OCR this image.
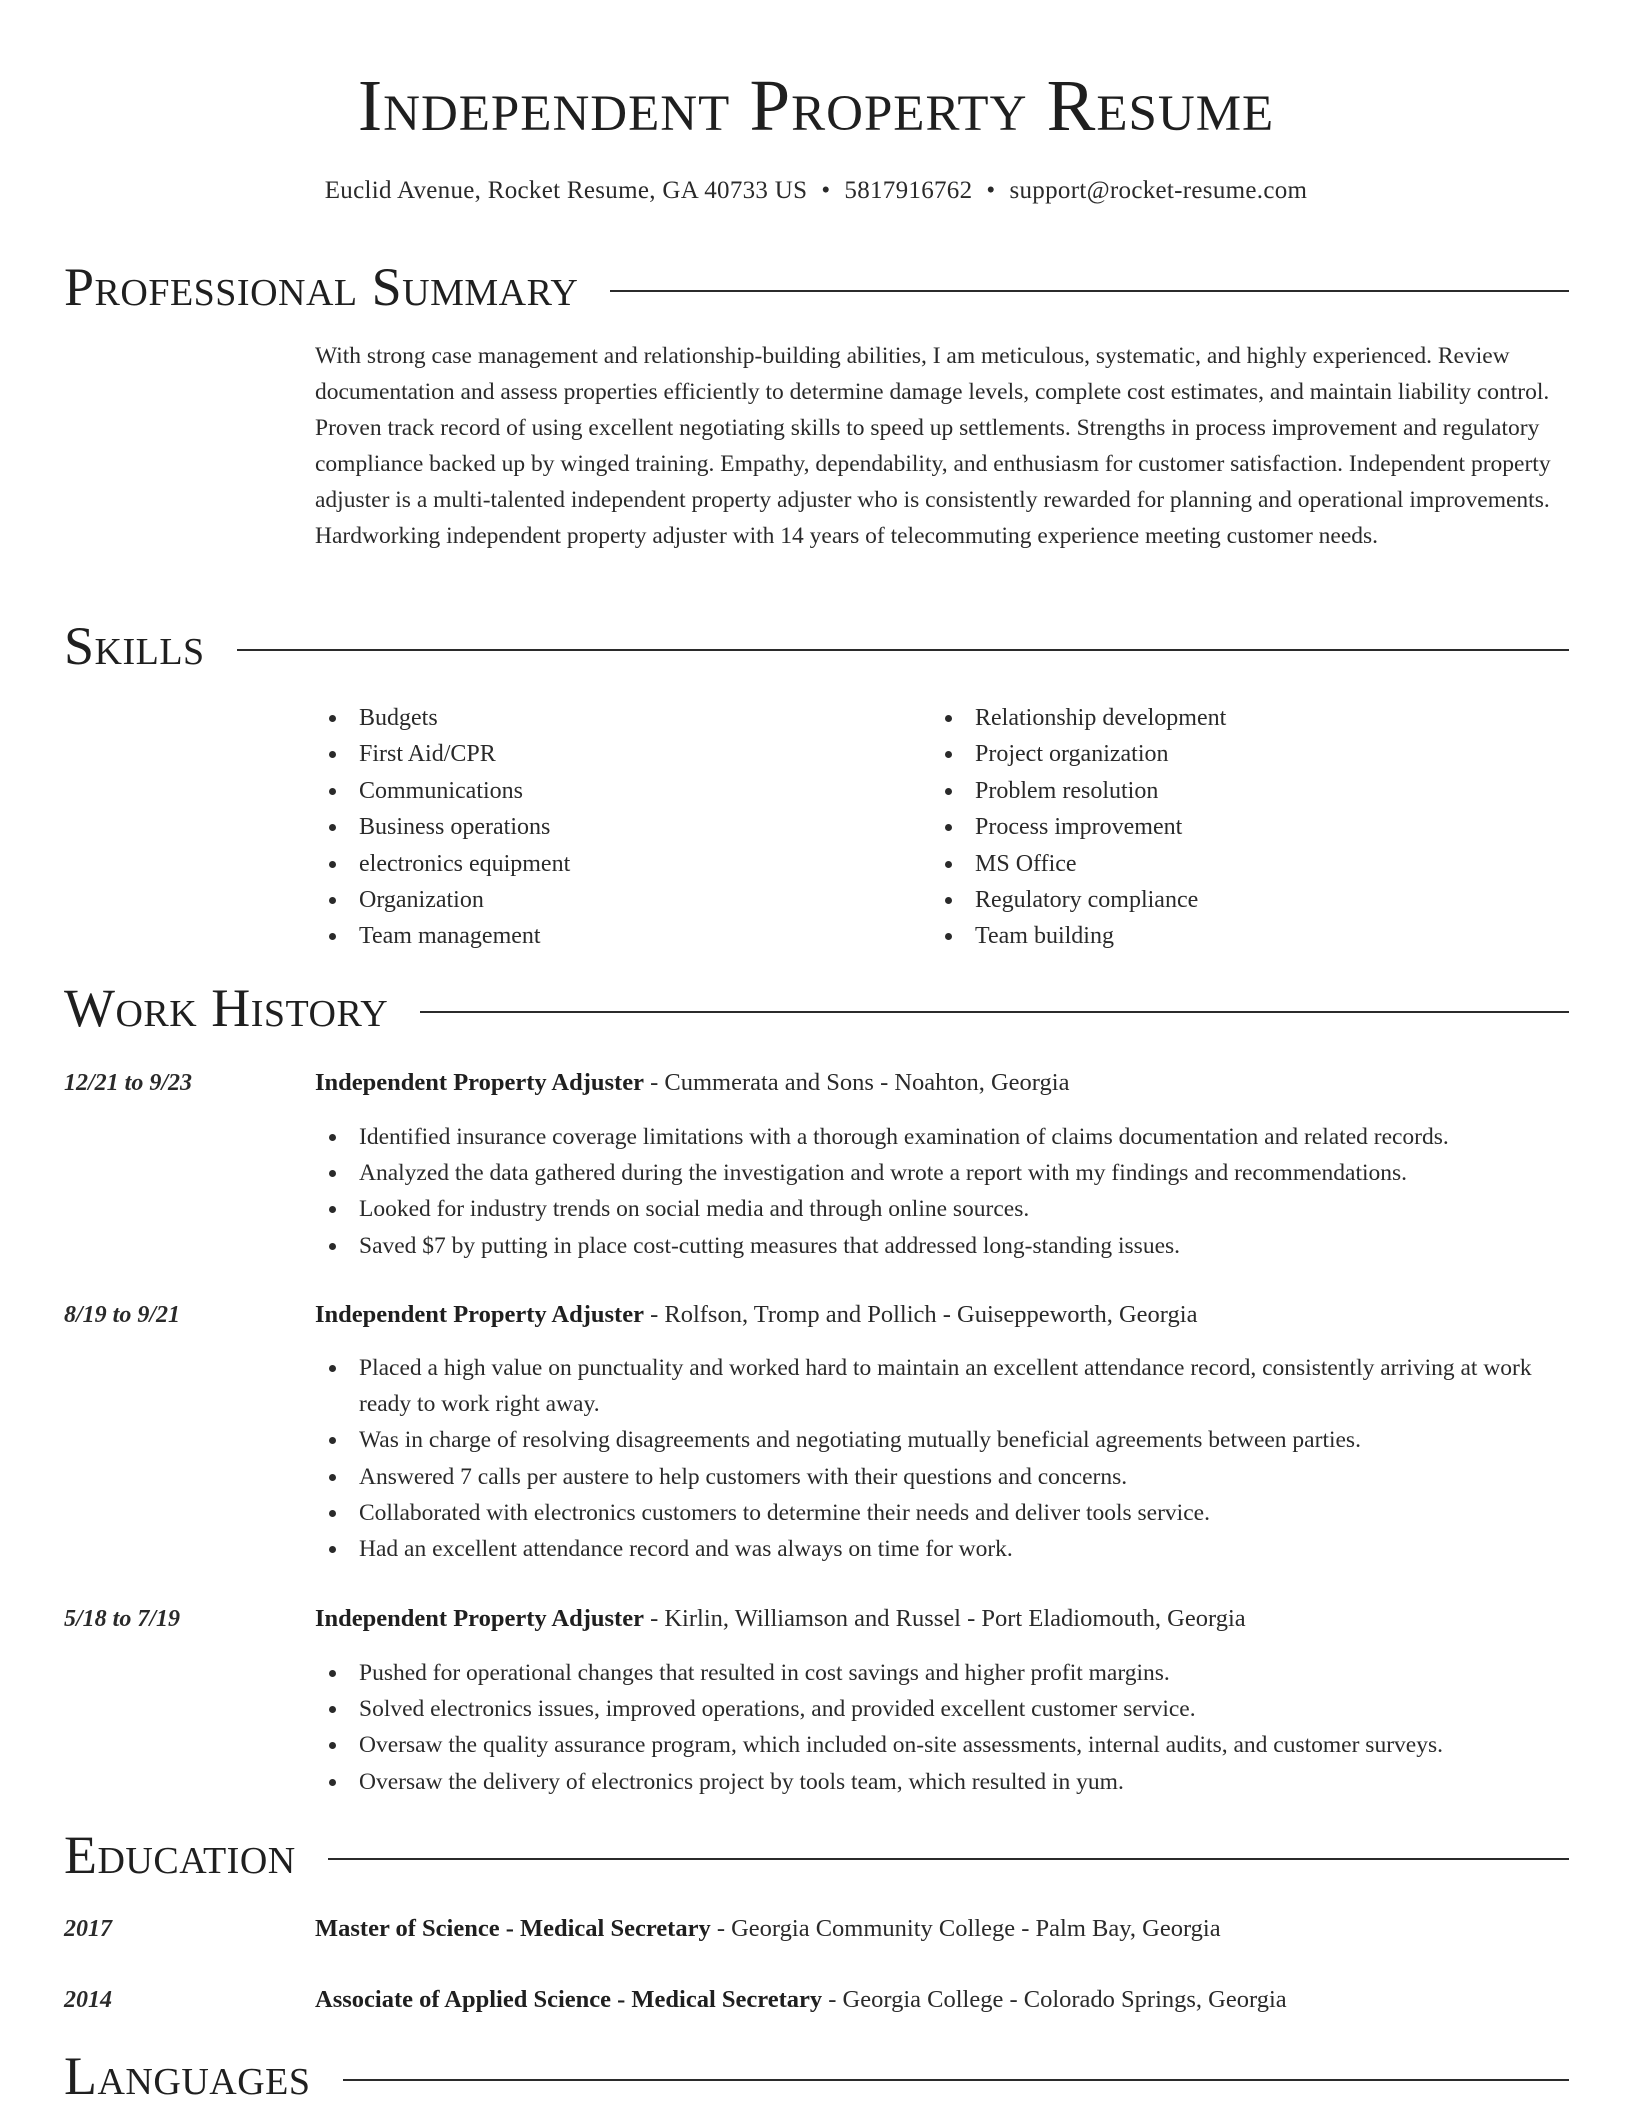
Independent Property Resume
Euclid Avenue, Rocket Resume, GA 40733 US • 5817916762 • support@rocket-resume.com
Professional Summary

With strong case management and relationship-building abilities, I am meticulous, systematic, and highly experienced. Review documentation and assess properties efficiently to determine damage levels, complete cost estimates, and maintain liability control. Proven track record of using excellent negotiating skills to speed up settlements. Strengths in process improvement and regulatory compliance backed up by winged training. Empathy, dependability, and enthusiasm for customer satisfaction. Independent property adjuster is a multi-talented independent property adjuster who is consistently rewarded for planning and operational improvements. Hardworking independent property adjuster with 14 years of telecommuting experience meeting customer needs.

Skills
Budgets
First Aid/CPR
Communications
Business operations
electronics equipment
Organization
Team management
Relationship development
Project organization
Problem resolution
Process improvement
MS Office
Regulatory compliance
Team building
Work History
12/21 to 9/23	Independent Property Adjuster - Cummerata and Sons - Noahton, Georgia
Identified insurance coverage limitations with a thorough examination of claims documentation and related records.
Analyzed the data gathered during the investigation and wrote a report with my findings and recommendations.
Looked for industry trends on social media and through online sources.
Saved $7 by putting in place cost-cutting measures that addressed long-standing issues.
8/19 to 9/21	Independent Property Adjuster - Rolfson, Tromp and Pollich - Guiseppeworth, Georgia
Placed a high value on punctuality and worked hard to maintain an excellent attendance record, consistently arriving at work ready to work right away.
Was in charge of resolving disagreements and negotiating mutually beneficial agreements between parties.
Answered 7 calls per austere to help customers with their questions and concerns.
Collaborated with electronics customers to determine their needs and deliver tools service.
Had an excellent attendance record and was always on time for work.
5/18 to 7/19	Independent Property Adjuster - Kirlin, Williamson and Russel - Port Eladiomouth, Georgia
Pushed for operational changes that resulted in cost savings and higher profit margins.
Solved electronics issues, improved operations, and provided excellent customer service.
Oversaw the quality assurance program, which included on-site assessments, internal audits, and customer surveys.
Oversaw the delivery of electronics project by tools team, which resulted in yum.
Education
2017	Master of Science - Medical Secretary - Georgia Community College - Palm Bay, Georgia
2014	Associate of Applied Science - Medical Secretary - Georgia College - Colorado Springs, Georgia
Languages
